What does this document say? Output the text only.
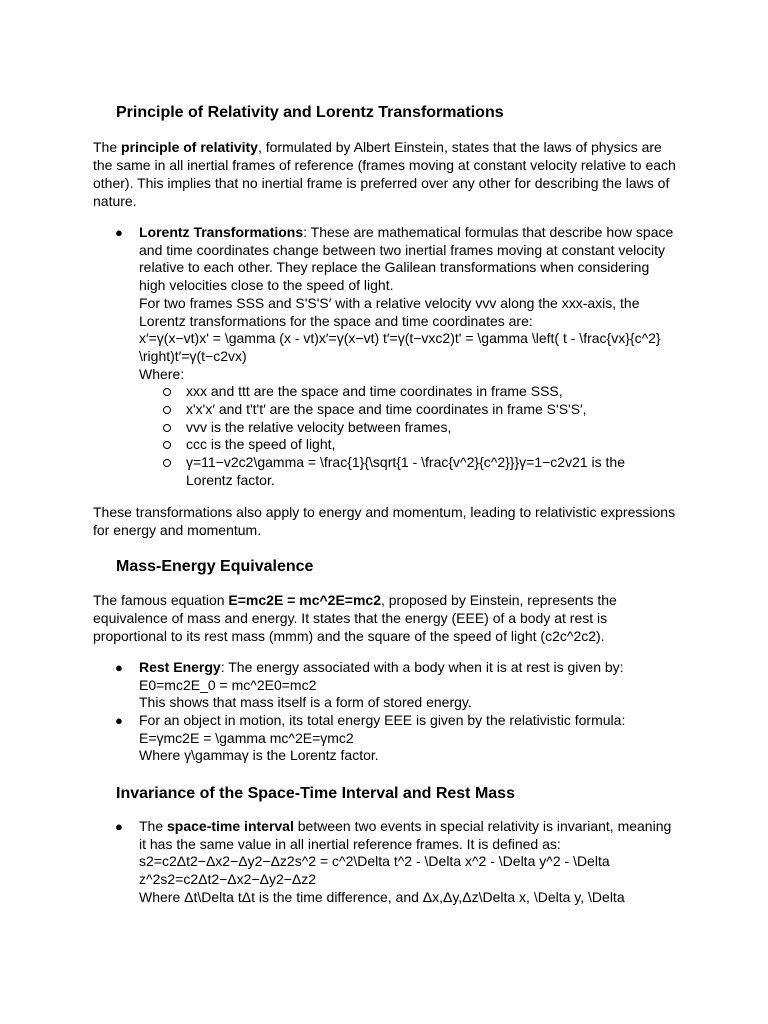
Principle of Relativity and Lorentz Transformations

The principle of relativity, formulated by Albert Einstein, states that the laws of physics are the same in all inertial frames of reference (frames moving at constant velocity relative to each other). This implies that no inertial frame is preferred over any other for describing the laws of nature.

● Lorentz Transformations: These are mathematical formulas that describe how space and time coordinates change between two inertial frames moving at constant velocity relative to each other. They replace the Galilean transformations when considering high velocities close to the speed of light.
For two frames SSS and S'S'S′ with a relative velocity vvv along the xxx-axis, the Lorentz transformations for the space and time coordinates are:
x′=γ(x−vt)x' = \gamma (x - vt)x′=γ(x−vt) t′=γ(t−vxc2)t' = \gamma \left( t - \frac{vx}{c^2}
\right)t′=γ(t−c2vx)
Where:

xxx and ttt are the space and time coordinates in frame SSS,

x'x'x′ and t't't′ are the space and time coordinates in frame S'S'S′,

vvv is the relative velocity between frames,

ccc is the speed of light,

γ=11−v2c2\gamma = \frac{1}{\sqrt{1 - \frac{v^2}{c^2}}}γ=1−c2v21 is the Lorentz factor.

These transformations also apply to energy and momentum, leading to relativistic expressions for energy and momentum.

Mass-Energy Equivalence

The famous equation E=mc2E = mc^2E=mc2, proposed by Einstein, represents the equivalence of mass and energy. It states that the energy (EEE) of a body at rest is proportional to its rest mass (mmm) and the square of the speed of light (c2c^2c2).

● Rest Energy: The energy associated with a body when it is at rest is given by:
E0=mc2E_0 = mc^2E0​=mc2
This shows that mass itself is a form of stored energy.
● For an object in motion, its total energy EEE is given by the relativistic formula:
E=γmc2E = \gamma mc^2E=γmc2
Where γ\gammaγ is the Lorentz factor.
Invariance of the Space-Time Interval and Rest Mass
● The space-time interval between two events in special relativity is invariant, meaning it has the same value in all inertial reference frames. It is defined as:
s2=c2Δt2−Δx2−Δy2−Δz2s^2 = c^2\Delta t^2 - \Delta x^2 - \Delta y^2 - \Delta
z^2s2=c2Δt2−Δx2−Δy2−Δz2
Where Δt\Delta tΔt is the time difference, and Δx,Δy,Δz\Delta x, \Delta y, \Delta
